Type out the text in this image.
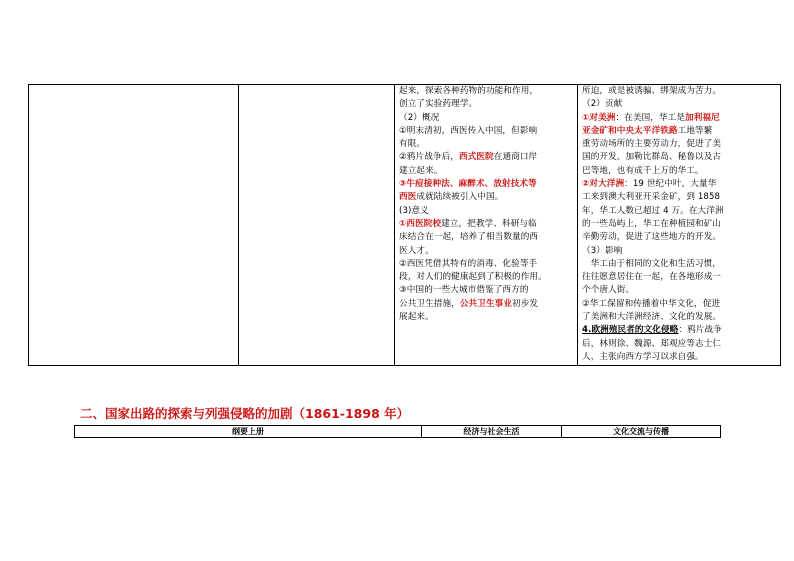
起来，探索各种药物的功能和作用，

创立了实验药理学。

（2）概况

①明末清初，西医传入中国，但影响

有限。

②鸦片战争后，西式医院在通商口岸

建立起来。

③牛痘接种法、麻醉术、放射技术等

西医成就陆续被引入中国。

(3)意义

①西医院校建立，把教学、科研与临

床结合在一起，培养了相当数量的西

医人才。

②西医凭借其特有的消毒、化验等手

段，对人们的健康起到了积极的作用。

③中国的一些大城市借鉴了西方的

公共卫生措施，公共卫生事业初步发

展起来。

所迫，或是被诱骗、绑架成为苦力。

（2）贡献

①对美洲：在美国，华工是加利福尼

亚金矿和中央太平洋铁路工地等繁

重劳动场所的主要劳动力，促进了美

国的开发。加勒比群岛、秘鲁以及古

巴等地，也有成千上万的华工。

②对大洋洲：19 世纪中叶，大量华

工来到澳大利亚开采金矿，到 1858

年，华工人数已超过 4 万。在大洋洲

的一些岛屿上，华工在种植园和矿山

辛勤劳动，促进了这些地方的开发。

（3）影响

华工由于相同的文化和生活习惯，

往往愿意居住在一起，在各地形成一

个个唐人街。

②华工保留和传播着中华文化，促进

了美洲和大洋洲经济、文化的发展。

4.欧洲殖民者的文化侵略：鸦片战争

后，林则徐、魏源、郑观应等志士仁

人，主张向西方学习以求自强。

二、国家出路的探索与列强侵略的加剧（1861-1898 年）
纲要上册	经济与社会生活	文化交流与传播
